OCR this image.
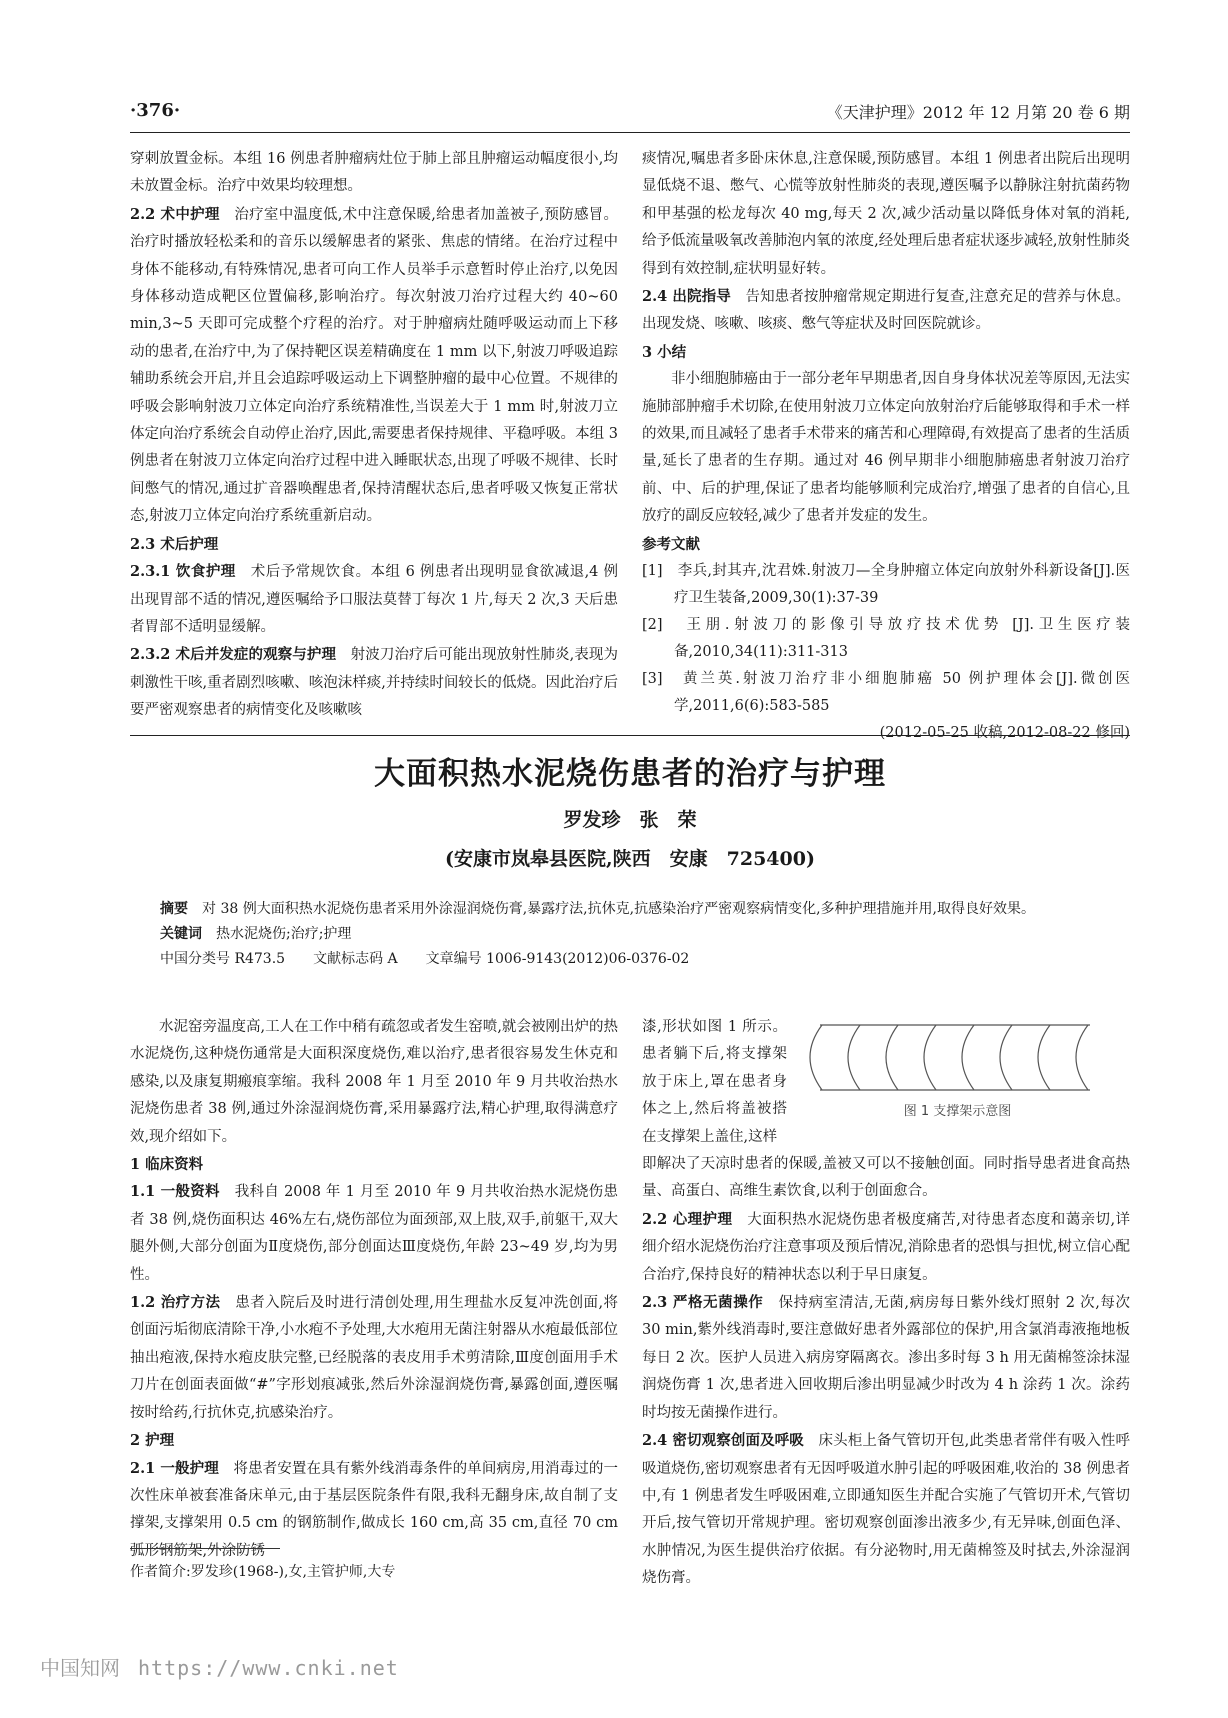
·376·	《天津护理》2012 年 12 月第 20 卷 6 期

穿刺放置金标。本组 16 例患者肿瘤病灶位于肺上部且肿瘤运动幅度很小,均未放置金标。治疗中效果均较理想。

2.2 术中护理　治疗室中温度低,术中注意保暖,给患者加盖被子,预防感冒。治疗时播放轻松柔和的音乐以缓解患者的紧张、焦虑的情绪。在治疗过程中身体不能移动,有特殊情况,患者可向工作人员举手示意暂时停止治疗,以免因身体移动造成靶区位置偏移,影响治疗。每次射波刀治疗过程大约 40~60 min,3~5 天即可完成整个疗程的治疗。对于肿瘤病灶随呼吸运动而上下移动的患者,在治疗中,为了保持靶区误差精确度在 1 mm 以下,射波刀呼吸追踪辅助系统会开启,并且会追踪呼吸运动上下调整肿瘤的最中心位置。不规律的呼吸会影响射波刀立体定向治疗系统精准性,当误差大于 1 mm 时,射波刀立体定向治疗系统会自动停止治疗,因此,需要患者保持规律、平稳呼吸。本组 3 例患者在射波刀立体定向治疗过程中进入睡眠状态,出现了呼吸不规律、长时间憋气的情况,通过扩音器唤醒患者,保持清醒状态后,患者呼吸又恢复正常状态,射波刀立体定向治疗系统重新启动。

2.3 术后护理

2.3.1 饮食护理　术后予常规饮食。本组 6 例患者出现明显食欲减退,4 例出现胃部不适的情况,遵医嘱给予口服法莫替丁每次 1 片,每天 2 次,3 天后患者胃部不适明显缓解。

2.3.2 术后并发症的观察与护理　射波刀治疗后可能出现放射性肺炎,表现为刺激性干咳,重者剧烈咳嗽、咳泡沫样痰,并持续时间较长的低烧。因此治疗后要严密观察患者的病情变化及咳嗽咳

痰情况,嘱患者多卧床休息,注意保暖,预防感冒。本组 1 例患者出院后出现明显低烧不退、憋气、心慌等放射性肺炎的表现,遵医嘱予以静脉注射抗菌药物和甲基强的松龙每次 40 mg,每天 2 次,减少活动量以降低身体对氧的消耗,给予低流量吸氧改善肺泡内氧的浓度,经处理后患者症状逐步减轻,放射性肺炎得到有效控制,症状明显好转。

2.4 出院指导　告知患者按肿瘤常规定期进行复查,注意充足的营养与休息。出现发烧、咳嗽、咳痰、憋气等症状及时回医院就诊。

3 小结

非小细胞肺癌由于一部分老年早期患者,因自身身体状况差等原因,无法实施肺部肿瘤手术切除,在使用射波刀立体定向放射治疗后能够取得和手术一样的效果,而且减轻了患者手术带来的痛苦和心理障碍,有效提高了患者的生活质量,延长了患者的生存期。通过对 46 例早期非小细胞肺癌患者射波刀治疗前、中、后的护理,保证了患者均能够顺利完成治疗,增强了患者的自信心,且放疗的副反应较轻,减少了患者并发症的发生。

参考文献

[1]　李兵,封其卉,沈君姝.射波刀—全身肿瘤立体定向放射外科新设备[J].医疗卫生装备,2009,30(1):37-39

[2]　王朋.射波刀的影像引导放疗技术优势 [J].卫生医疗装备,2010,34(11):311-313

[3]　黄兰英.射波刀治疗非小细胞肺癌 50 例护理体会[J].微创医学,2011,6(6):583-585

(2012-05-25 收稿,2012-08-22 修回)

大面积热水泥烧伤患者的治疗与护理
罗发珍　张　荣
(安康市岚皋县医院,陕西　安康　725400)

摘要　对 38 例大面积热水泥烧伤患者采用外涂湿润烧伤膏,暴露疗法,抗休克,抗感染治疗严密观察病情变化,多种护理措施并用,取得良好效果。

关键词　热水泥烧伤;治疗;护理

中国分类号 R473.5　　文献标志码 A　　文章编号 1006-9143(2012)06-0376-02

水泥窑旁温度高,工人在工作中稍有疏忽或者发生窑喷,就会被刚出炉的热水泥烧伤,这种烧伤通常是大面积深度烧伤,难以治疗,患者很容易发生休克和感染,以及康复期瘢痕挛缩。我科 2008 年 1 月至 2010 年 9 月共收治热水泥烧伤患者 38 例,通过外涂湿润烧伤膏,采用暴露疗法,精心护理,取得满意疗效,现介绍如下。

1 临床资料

1.1 一般资料　我科自 2008 年 1 月至 2010 年 9 月共收治热水泥烧伤患者 38 例,烧伤面积达 46%左右,烧伤部位为面颈部,双上肢,双手,前躯干,双大腿外侧,大部分创面为Ⅱ度烧伤,部分创面达Ⅲ度烧伤,年龄 23~49 岁,均为男性。

1.2 治疗方法　患者入院后及时进行清创处理,用生理盐水反复冲洗创面,将创面污垢彻底清除干净,小水疱不予处理,大水疱用无菌注射器从水疱最低部位抽出疱液,保持水疱皮肤完整,已经脱落的表皮用手术剪清除,Ⅲ度创面用手术刀片在创面表面做“#”字形划痕减张,然后外涂湿润烧伤膏,暴露创面,遵医嘱按时给药,行抗休克,抗感染治疗。

2 护理

2.1 一般护理　将患者安置在具有紫外线消毒条件的单间病房,用消毒过的一次性床单被套准备床单元,由于基层医院条件有限,我科无翻身床,故自制了支撑架,支撑架用 0.5 cm 的钢筋制作,做成长 160 cm,高 35 cm,直径 70 cm 弧形钢筋架,外涂防锈

漆,形状如图 1 所示。患者躺下后,将支撑架放于床上,罩在患者身体之上,然后将盖被搭在支撑架上盖住,这样

即解决了天凉时患者的保暖,盖被又可以不接触创面。同时指导患者进食高热量、高蛋白、高维生素饮食,以利于创面愈合。

2.2 心理护理　大面积热水泥烧伤患者极度痛苦,对待患者态度和蔼亲切,详细介绍水泥烧伤治疗注意事项及预后情况,消除患者的恐惧与担忧,树立信心配合治疗,保持良好的精神状态以利于早日康复。

2.3 严格无菌操作　保持病室清洁,无菌,病房每日紫外线灯照射 2 次,每次 30 min,紫外线消毒时,要注意做好患者外露部位的保护,用含氯消毒液拖地板每日 2 次。医护人员进入病房穿隔离衣。渗出多时每 3 h 用无菌棉签涂抹湿润烧伤膏 1 次,患者进入回收期后渗出明显减少时改为 4 h 涂药 1 次。涂药时均按无菌操作进行。

2.4 密切观察创面及呼吸　床头柜上备气管切开包,此类患者常伴有吸入性呼吸道烧伤,密切观察患者有无因呼吸道水肿引起的呼吸困难,收治的 38 例患者中,有 1 例患者发生呼吸困难,立即通知医生并配合实施了气管切开术,气管切开后,按气管切开常规护理。密切观察创面渗出液多少,有无异味,创面色泽、水肿情况,为医生提供治疗依据。有分泌物时,用无菌棉签及时拭去,外涂湿润烧伤膏。

图 1 支撑架示意图
作者简介:罗发珍(1968-),女,主管护师,大专
中国知网 https://www.cnki.net
